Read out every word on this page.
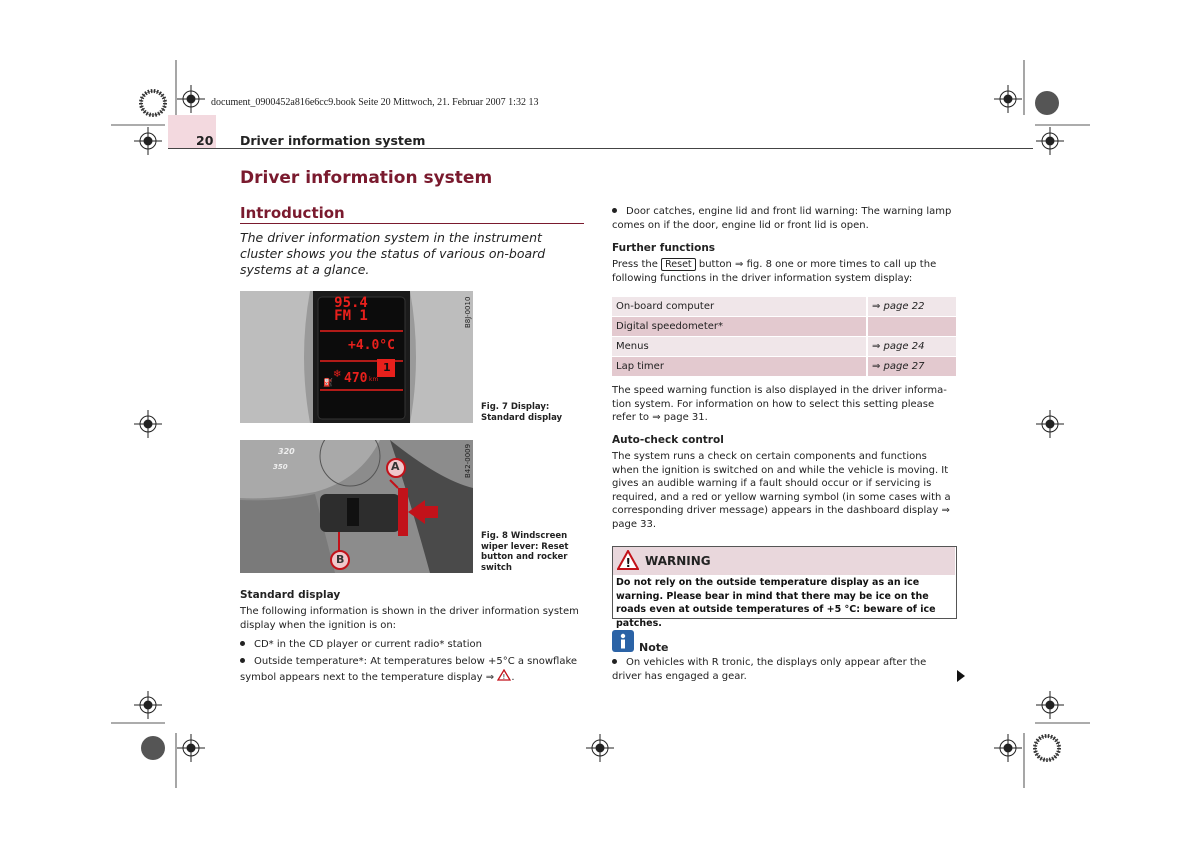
document_0900452a816e6cc9.book Seite 20 Mittwoch, 21. Februar 2007 1:32 13
20 Driver information system
Driver information system
Introduction
The driver information system in the instrument cluster shows you the status of various on-board systems at a glance.
❄
⛽
95.4
FM 1
+4.0°C
470 km
1
B8J-0010
Fig. 7 Display: Standard display
A
B
320
350	B42-0009
Fig. 8 Windscreen wiper lever: Reset button and rocker switch
Standard display
The following information is shown in the driver information system display when the ignition is on:
CD* in the CD player or current radio* station
Outside temperature*: At temperatures below +5°C a snowflake symbol appears next to the temperature display ⇒ ! .
Door catches, engine lid and front lid warning: The warning lamp comes on if the door, engine lid or front lid is open.
Further functions
Press the Reset button ⇒ fig. 8 one or more times to call up the following functions in the driver information system display:
On-board computer	⇒ page 22
Digital speedometer*	
Menus	⇒ page 24
Lap timer	⇒ page 27
The speed warning function is also displayed in the driver informa-tion system. For information on how to select this setting please refer to ⇒ page 31.
Auto-check control
The system runs a check on certain components and functions when the ignition is switched on and while the vehicle is moving. It gives an audible warning if a fault should occur or if servicing is required, and a red or yellow warning symbol (in some cases with a corresponding driver message) appears in the dashboard display ⇒ page 33.
! WARNING
Do not rely on the outside temperature display as an ice warning. Please bear in mind that there may be ice on the roads even at outside temperatures of +5 °C: beware of ice patches.
Note
On vehicles with R tronic, the displays only appear after the driver has engaged a gear.
